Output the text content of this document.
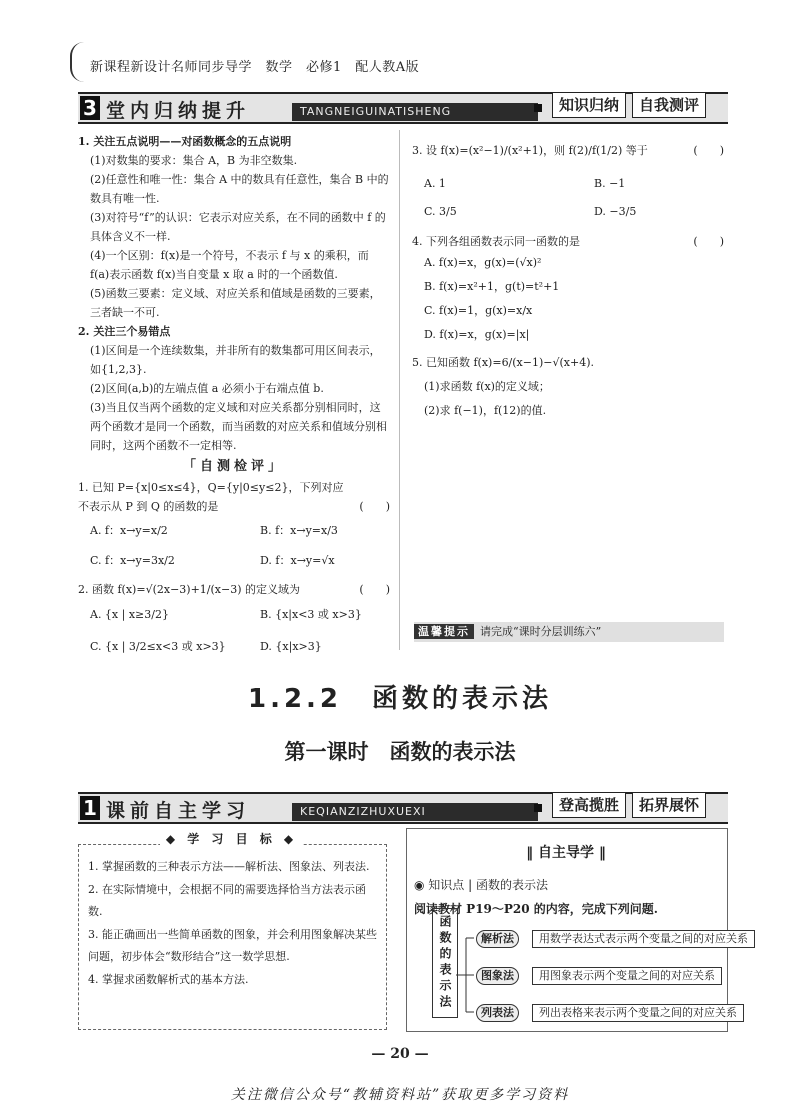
新课程新设计名师同步导学　数学　必修1　配人教A版
3 堂内归纳提升	TANGNEIGUINATISHENG	知识归纳	自我测评

1. 关注五点说明——对函数概念的五点说明

(1)对数集的要求：集合 A，B 为非空数集.

(2)任意性和唯一性：集合 A 中的数具有任意性，集合 B 中的数具有唯一性.

(3)对符号“f”的认识：它表示对应关系，在不同的函数中 f 的具体含义不一样.

(4)一个区别：f(x)是一个符号，不表示 f 与 x 的乘积，而 f(a)表示函数 f(x)当自变量 x 取 a 时的一个函数值.

(5)函数三要素：定义域、对应关系和值域是函数的三要素，三者缺一不可.

2. 关注三个易错点

(1)区间是一个连续数集，并非所有的数集都可用区间表示，如{1,2,3}.

(2)区间(a,b)的左端点值 a 必须小于右端点值 b.

(3)当且仅当两个函数的定义域和对应关系都分别相同时，这两个函数才是同一个函数，而当函数的对应关系和值域分别相同时，这两个函数不一定相等.

「自测检评」

1. 已知 P={x|0≤x≤4}，Q={y|0≤y≤2}，下列对应不表示从 P 到 Q 的函数的是	(　　)

A. f：x→y=x/2	B. f：x→y=x/3

C. f：x→y=3x/2	D. f：x→y=√x

2. 函数 f(x)=√(2x−3)+1/(x−3) 的定义域为	(　　)

A. {x | x≥3/2}	B. {x|x<3 或 x>3}

C. {x | 3/2≤x<3 或 x>3}	D. {x|x>3}

3. 设 f(x)=(x²−1)/(x²+1)，则 f(2)/f(1/2) 等于	(　　)

A. 1	B. −1

C. 3/5	D. −3/5

4. 下列各组函数表示同一函数的是	(　　)

A. f(x)=x，g(x)=(√x)²

B. f(x)=x²+1，g(t)=t²+1

C. f(x)=1，g(x)=x/x

D. f(x)=x，g(x)=|x|

5. 已知函数 f(x)=6/(x−1)−√(x+4).

(1)求函数 f(x)的定义域；

(2)求 f(−1)，f(12)的值.

温馨提示 请完成“课时分层训练六”
1.2.2　函数的表示法
第一课时　函数的表示法
1 课前自主学习	KEQIANZIZHUXUEXI	登高揽胜	拓界展怀
◆ 学 习 目 标 ◆
1. 掌握函数的三种表示方法——解析法、图象法、列表法.
2. 在实际情境中，会根据不同的需要选择恰当方法表示函数.
3. 能正确画出一些简单函数的图象，并会利用图象解决某些问题，初步体会“数形结合”这一数学思想.
4. 掌握求函数解析式的基本方法.
‖ 自主导学 ‖
◉ 知识点 | 函数的表示法
阅读教材 P19～P20 的内容，完成下列问题.
函数的表示法	解析法	用数学表达式表示两个变量之间的对应关系
图象法	用图象表示两个变量之间的对应关系
列表法	列出表格来表示两个变量之间的对应关系
— 20 —
关注微信公众号“教辅资料站”获取更多学习资料
